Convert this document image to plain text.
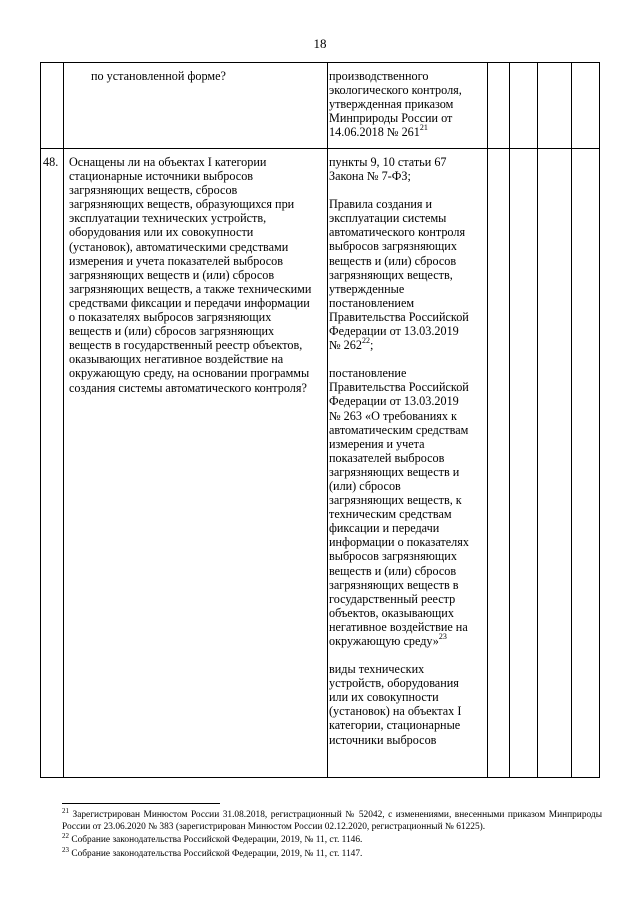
18

по установленной форме?	производственного
экологического контроля,
утвержденная приказом
Минприроды России от
14.06.2018 № $261^{21}$

48. Оснащены ли на объектах I категории
стационарные источники выбросов
загрязняющих веществ, сбросов
загрязняющих веществ, образующихся при
эксплуатации технических устройств,
оборудования или их совокупности
(установок), автоматическими средствами
измерения и учета показателей выбросов
загрязняющих веществ и (или) сбросов
загрязняющих веществ, а также техническими
средствами фиксации и передачи информации
о показателях выбросов загрязняющих
веществ и (или) сбросов загрязняющих
веществ в государственный реестр объектов,
оказывающих негативное воздействие на
окружающую среду, на основании программы
создания системы автоматического контроля?

пункты 9, 10 статьи 67
Закона № 7-ФЗ;

Правила создания и
эксплуатации системы
автоматического контроля
выбросов загрязняющих
веществ и (или) сбросов
загрязняющих веществ,
утвержденные
постановлением
Правительства Российской
Федерации от 13.03.2019
№ $262^{22}$;

постановление
Правительства Российской
Федерации от 13.03.2019
№ 263 «О требованиях к
автоматическим средствам
измерения и учета
показателей выбросов
загрязняющих веществ и
(или) сбросов
загрязняющих веществ, к
техническим средствам
фиксации и передачи
информации о показателях
выбросов загрязняющих
веществ и (или) сбросов
загрязняющих веществ в
государственный реестр
объектов, оказывающих
негативное воздействие на
окружающую среду»$^{23}$

виды технических
устройств, оборудования
или их совокупности
(установок) на объектах I
категории, стационарные
источники выбросов

$^{21}$ Зарегистрирован Минюстом России 31.08.2018, регистрационный № 52042, с изменениями, внесенными приказом Минприроды России от 23.06.2020 № 383 (зарегистрирован Минюстом России 02.12.2020, регистрационный № 61225).

$^{22}$ Собрание законодательства Российской Федерации, 2019, № 11, ст. 1146.

$^{23}$ Собрание законодательства Российской Федерации, 2019, № 11, ст. 1147.
